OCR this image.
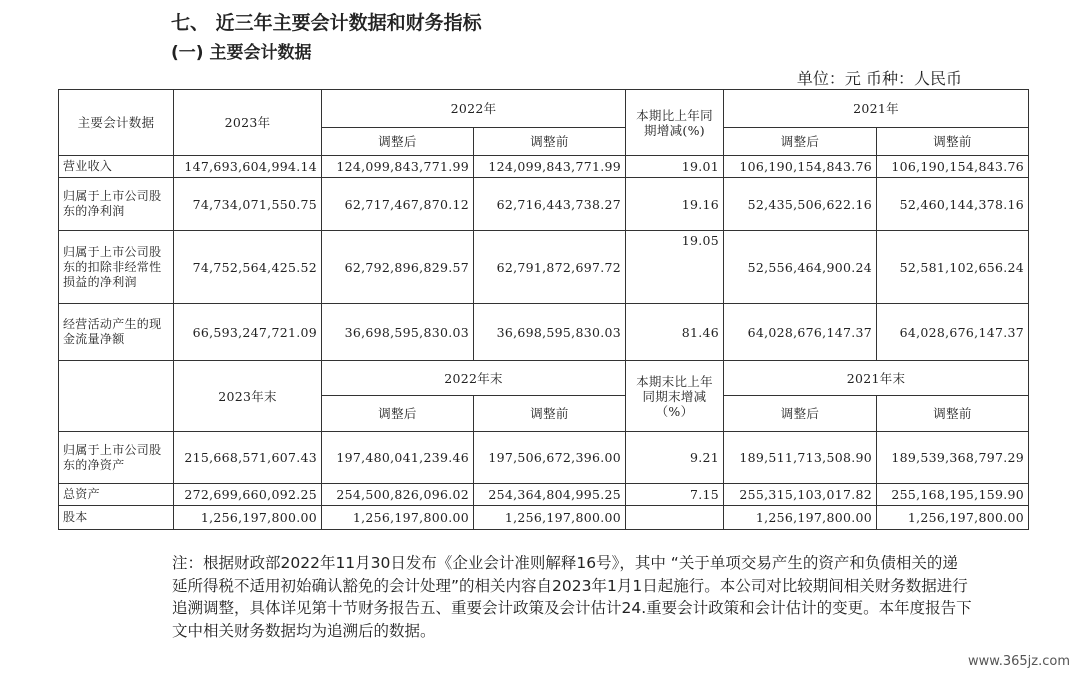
七、 近三年主要会计数据和财务指标
(一) 主要会计数据
单位：元 币种：人民币
主要会计数据	2023年	2022年		本期比上年同期增减(%)	2021年	
		调整后	调整前		调整后	调整前
营业收入	147,693,604,994.14	124,099,843,771.99	124,099,843,771.99	19.01	106,190,154,843.76	106,190,154,843.76
归属于上市公司股东的净利润	74,734,071,550.75	62,717,467,870.12	62,716,443,738.27	19.16	52,435,506,622.16	52,460,144,378.16
归属于上市公司股东的扣除非经常性损益的净利润	74,752,564,425.52	62,792,896,829.57	62,791,872,697.72	19.05	52,556,464,900.24	52,581,102,656.24
经营活动产生的现金流量净额	66,593,247,721.09	36,698,595,830.03	36,698,595,830.03	81.46	64,028,676,147.37	64,028,676,147.37
	2023年末	2022年末		本期末比上年同期末增减（%）	2021年末	
		调整后	调整前		调整后	调整前
归属于上市公司股东的净资产	215,668,571,607.43	197,480,041,239.46	197,506,672,396.00	9.21	189,511,713,508.90	189,539,368,797.29
总资产	272,699,660,092.25	254,500,826,096.02	254,364,804,995.25	7.15	255,315,103,017.82	255,168,195,159.90
股本	1,256,197,800.00	1,256,197,800.00	1,256,197,800.00		1,256,197,800.00	1,256,197,800.00
注：根据财政部2022年11月30日发布《企业会计准则解释16号》，其中 “关于单项交易产生的资产和负债相关的递延所得税不适用初始确认豁免的会计处理”的相关内容自2023年1月1日起施行。本公司对比较期间相关财务数据进行追溯调整，具体详见第十节财务报告五、重要会计政策及会计估计24.重要会计政策和会计估计的变更。本年度报告下文中相关财务数据均为追溯后的数据。
www.365jz.com
